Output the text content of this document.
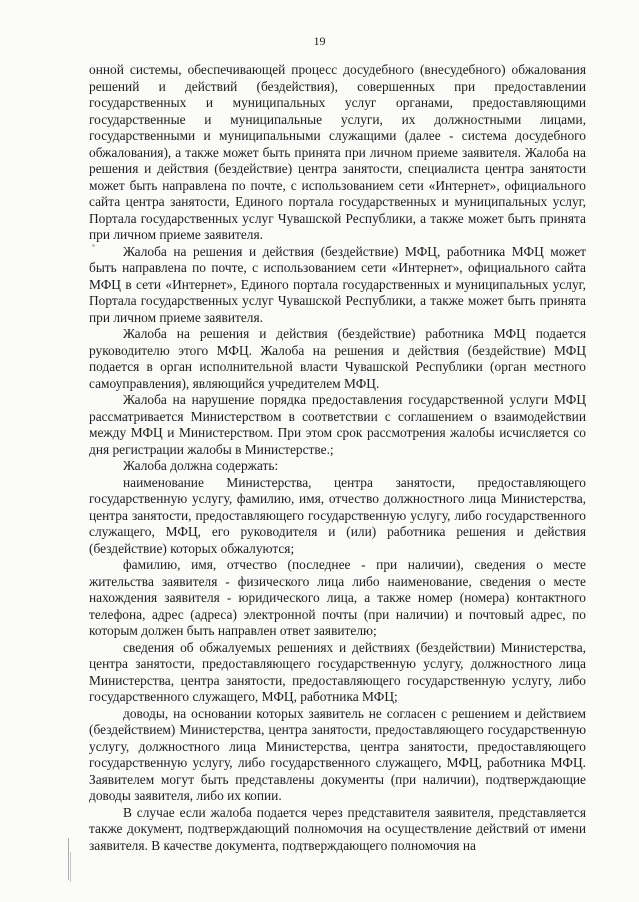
19

онной системы, обеспечивающей процесс досудебного (внесудебного) обжалования решений и действий (бездействия), совершенных при предоставлении государственных и муниципальных услуг органами, предоставляющими государственные и муниципальные услуги, их должностными лицами, государственными и муниципальными служащими (далее - система досудебного обжалования), а также может быть принята при личном приеме заявителя. Жалоба на решения и действия (бездействие) центра занятости, специалиста центра занятости может быть направлена по почте, с использованием сети «Интернет», официального сайта центра занятости, Единого портала государственных и муниципальных услуг, Портала государственных услуг Чувашской Республики, а также может быть принята при личном приеме заявителя.

Жалоба на решения и действия (бездействие) МФЦ, работника МФЦ может быть направлена по почте, с использованием сети «Интернет», официального сайта МФЦ в сети «Интернет», Единого портала государственных и муниципальных услуг, Портала государственных услуг Чувашской Республики, а также может быть принята при личном приеме заявителя.

Жалоба на решения и действия (бездействие) работника МФЦ подается руководителю этого МФЦ. Жалоба на решения и действия (бездействие) МФЦ подается в орган исполнительной власти Чувашской Республики (орган местного самоуправления), являющийся учредителем МФЦ.

Жалоба на нарушение порядка предоставления государственной услуги МФЦ рассматривается Министерством в соответствии с соглашением о взаимодействии между МФЦ и Министерством. При этом срок рассмотрения жалобы исчисляется со дня регистрации жалобы в Министерстве.;

Жалоба должна содержать:

наименование Министерства, центра занятости, предоставляющего государственную услугу, фамилию, имя, отчество должностного лица Министерства, центра занятости, предоставляющего государственную услугу, либо государственного служащего, МФЦ, его руководителя и (или) работника решения и действия (бездействие) которых обжалуются;

фамилию, имя, отчество (последнее - при наличии), сведения о месте жительства заявителя - физического лица либо наименование, сведения о месте нахождения заявителя - юридического лица, а также номер (номера) контактного телефона, адрес (адреса) электронной почты (при наличии) и почтовый адрес, по которым должен быть направлен ответ заявителю;

сведения об обжалуемых решениях и действиях (бездействии) Министерства, центра занятости, предоставляющего государственную услугу, должностного лица Министерства, центра занятости, предоставляющего государственную услугу, либо государственного служащего, МФЦ, работника МФЦ;

доводы, на основании которых заявитель не согласен с решением и действием (бездействием) Министерства, центра занятости, предоставляющего государственную услугу, должностного лица Министерства, центра занятости, предоставляющего государственную услугу, либо государственного служащего, МФЦ, работника МФЦ. Заявителем могут быть представлены документы (при наличии), подтверждающие доводы заявителя, либо их копии.

В случае если жалоба подается через представителя заявителя, представляется также документ, подтверждающий полномочия на осуществление действий от имени заявителя. В качестве документа, подтверждающего полномочия на
